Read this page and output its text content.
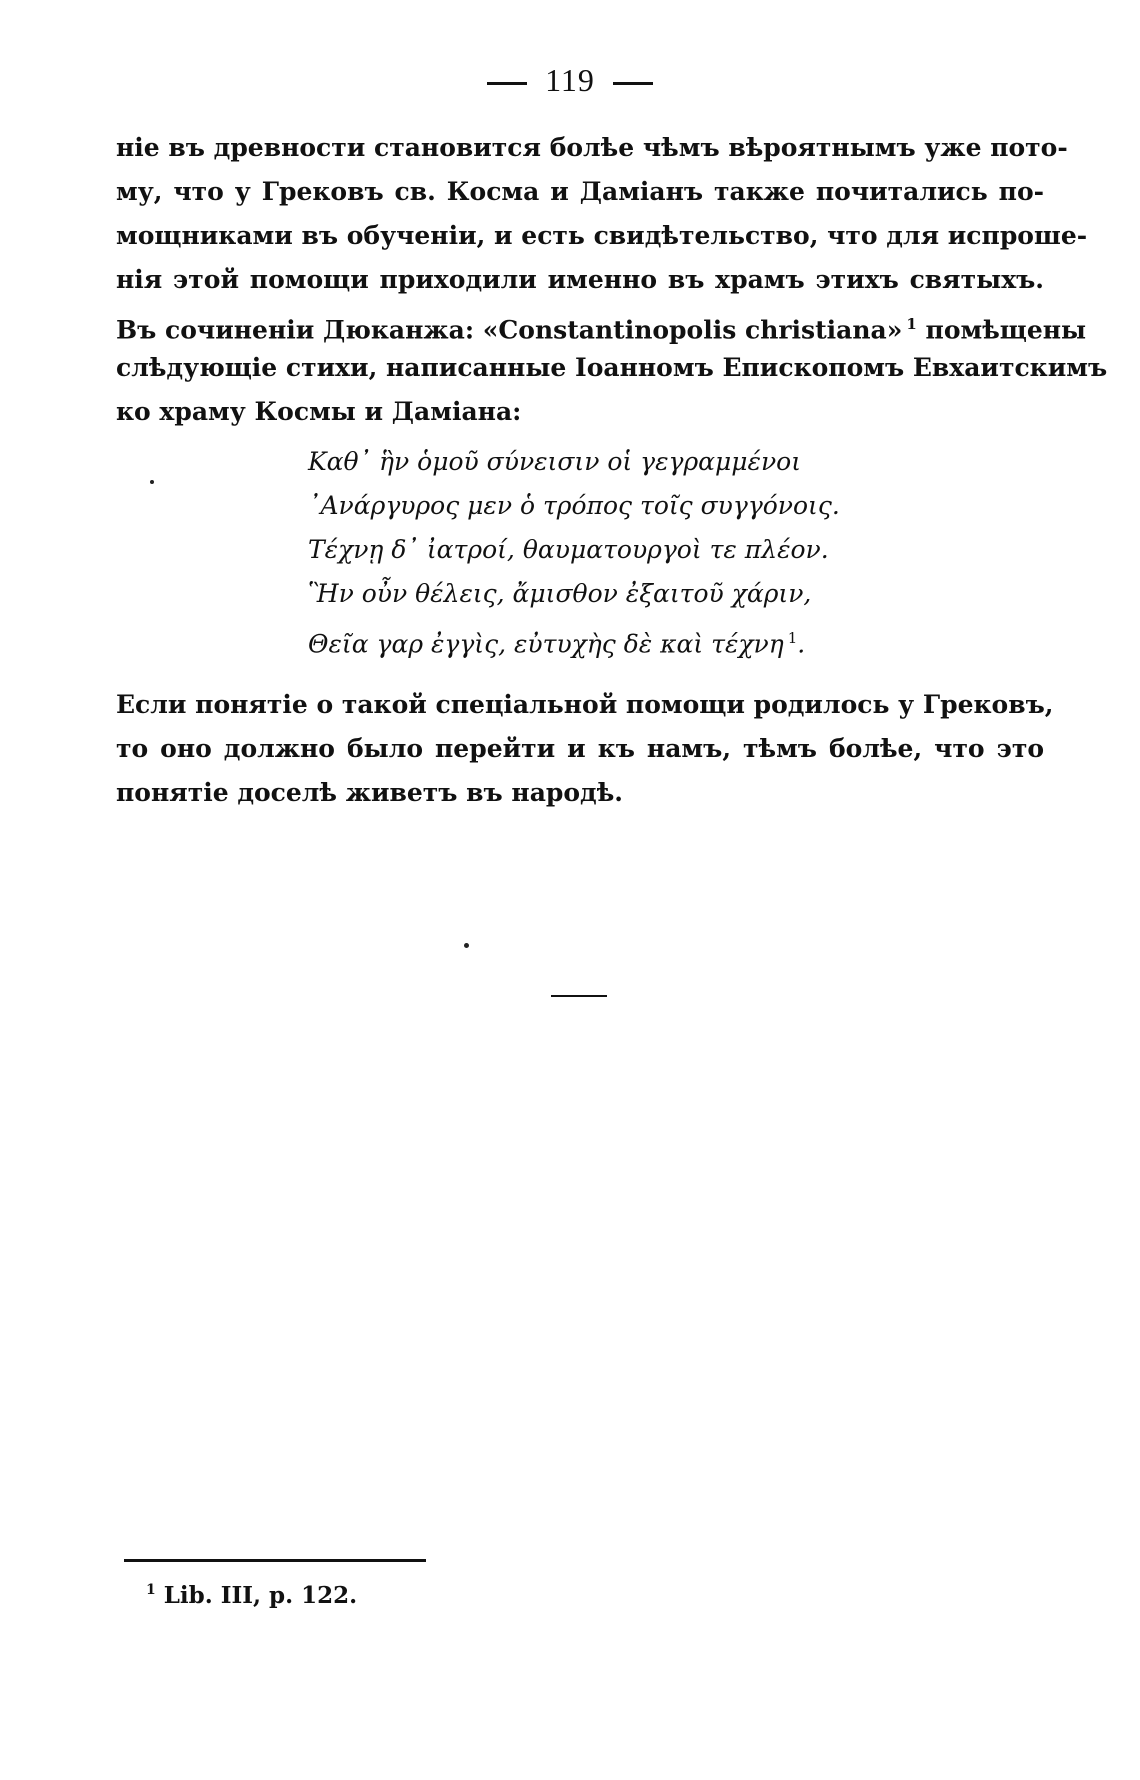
119
ніе въ древности становится болѣе чѣмъ вѣроятнымъ уже пото-
му, что у Грековъ св. Косма и Даміанъ также почитались по-
мощниками въ обученіи, и есть свидѣтельство, что для испроше-
нія этой помощи приходили именно въ храмъ этихъ святыхъ.
Въ сочиненіи Дюканжа: «Constantinopolis christiana» $^1$ помѣщены
слѣдующіе стихи, написанные Іоанномъ Епископомъ Евхаитскимъ
ко храму Космы и Даміана:
Καθ᾽ ἣν ὁμοῦ σύνεισιν οἱ γεγραμμένοι
᾿Ανάργυρος μεν ὁ τρόπος τοῖς συγγόνοις.
Τέχνῃ δ᾽ ἰατροί, θαυματουργοὶ τε πλέον.
Ἣν οὖν θέλεις, ἄμισθον ἐξαιτοῦ χάριν,
Θεῖα γαρ ἐγγὶς, εὐτυχὴς δὲ καὶ τέχνη $^1$.
Если понятіе о такой спеціальной помощи родилось у Грековъ,
то оно должно было перейти и къ намъ, тѣмъ болѣе, что это
понятіе доселѣ живетъ въ народѣ.
$^1$ Lib. III, p. 122.
